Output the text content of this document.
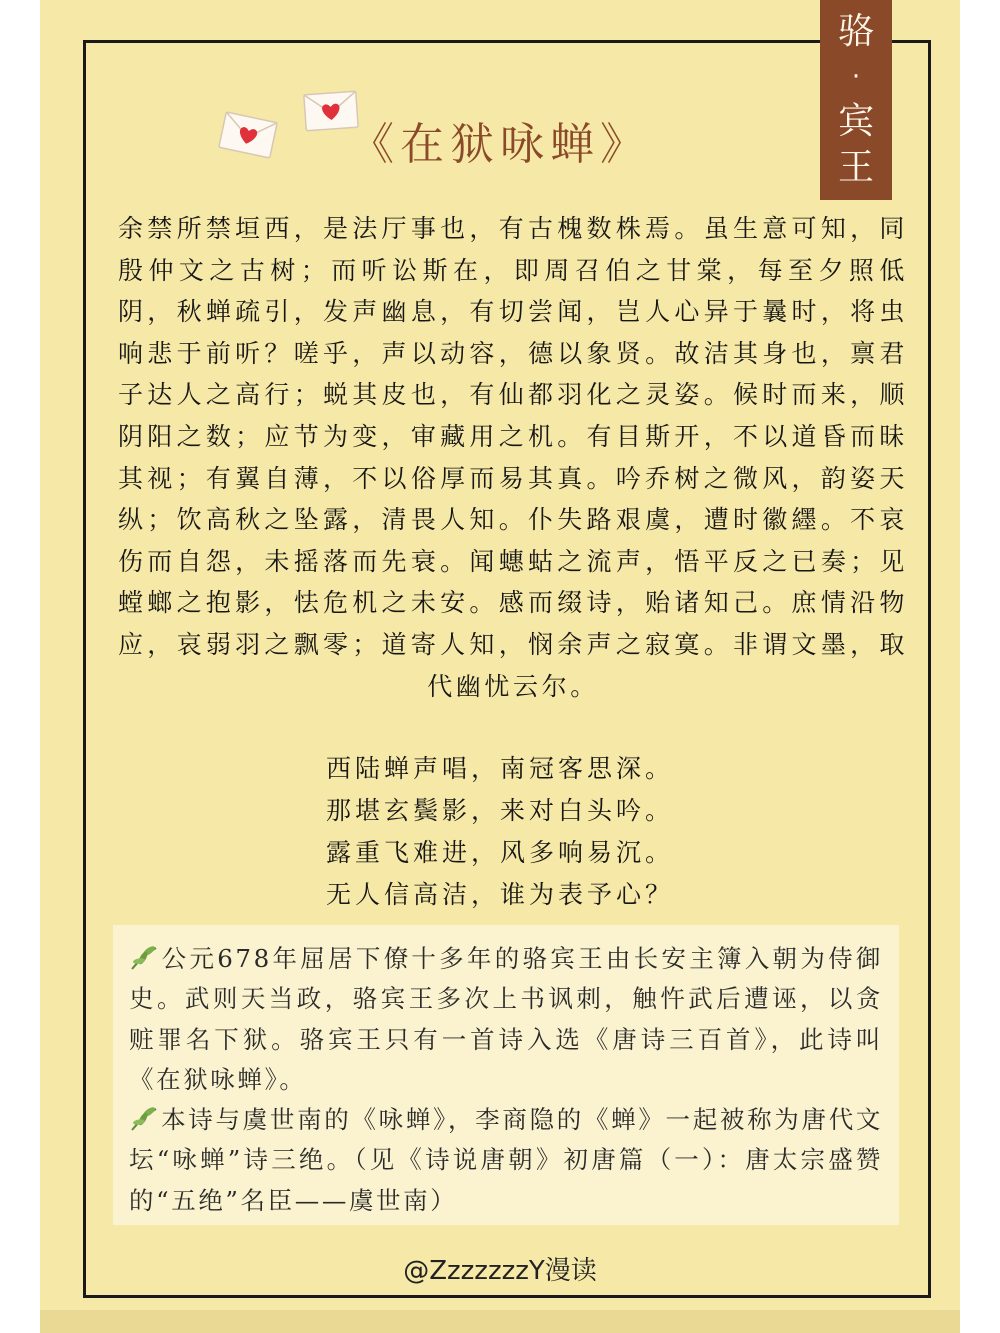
骆
·
宾
王
《在狱咏蝉》

余禁所禁垣西，是法厅事也，有古槐数株焉。虽生意可知，同殷仲文之古树；而听讼斯在，即周召伯之甘棠，每至夕照低阴，秋蝉疏引，发声幽息，有切尝闻，岂人心异于曩时，将虫响悲于前听？嗟乎，声以动容，德以象贤。故洁其身也，禀君子达人之高行；蜕其皮也，有仙都羽化之灵姿。候时而来，顺阴阳之数；应节为变，审藏用之机。有目斯开，不以道昏而昧其视；有翼自薄，不以俗厚而易其真。吟乔树之微风，韵姿天纵；饮高秋之坠露，清畏人知。仆失路艰虞，遭时徽纆。不哀伤而自怨，未摇落而先衰。闻蟪蛄之流声，悟平反之已奏；见螳螂之抱影，怯危机之未安。感而缀诗，贻诸知己。庶情沿物应，哀弱羽之飘零；道寄人知，悯余声之寂寞。非谓文墨，取代幽忧云尔。

西陆蝉声唱，南冠客思深。
那堪玄鬓影，来对白头吟。
露重飞难进，风多响易沉。
无人信高洁，谁为表予心？

公元678年屈居下僚十多年的骆宾王由长安主簿入朝为侍御史。武则天当政，骆宾王多次上书讽刺，触忤武后遭诬，以贪赃罪名下狱。骆宾王只有一首诗入选《唐诗三百首》，此诗叫《在狱咏蝉》。

本诗与虞世南的《咏蝉》，李商隐的《蝉》一起被称为唐代文坛“咏蝉”诗三绝。（见《诗说唐朝》初唐篇（一）：唐太宗盛赞的“五绝”名臣——虞世南）

@ZzzzzzzY漫读
